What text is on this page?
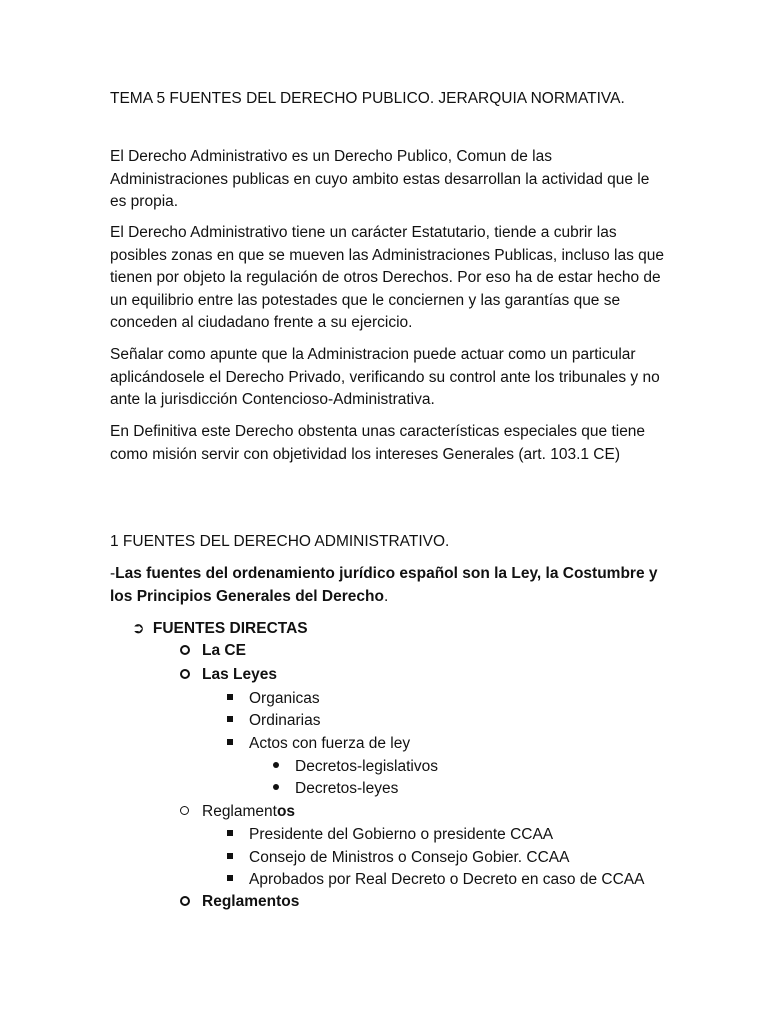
TEMA 5 FUENTES DEL DERECHO PUBLICO. JERARQUIA NORMATIVA.

El Derecho Administrativo es un Derecho Publico, Comun de las Administraciones publicas en cuyo ambito estas desarrollan la actividad que le es propia.

El Derecho Administrativo tiene un carácter Estatutario, tiende a cubrir las posibles zonas en que se mueven las Administraciones Publicas, incluso las que tienen por objeto la regulación de otros Derechos. Por eso ha de estar hecho de un equilibrio entre las potestades que le conciernen y las garantías que se conceden al ciudadano frente a su ejercicio.

Señalar como apunte que la Administracion puede actuar como un particular aplicándosele el Derecho Privado, verificando su control ante los tribunales y no ante la jurisdicción Contencioso-Administrativa.

En Definitiva este Derecho obstenta unas características especiales que tiene como misión servir con objetividad los intereses Generales (art. 103.1 CE)

1 FUENTES DEL DERECHO ADMINISTRATIVO.

-Las fuentes del ordenamiento jurídico español son la Ley, la Costumbre y los Principios Generales del Derecho.

➲ FUENTES DIRECTAS
La CE
Las Leyes
Organicas
Ordinarias
Actos con fuerza de ley
Decretos-legislativos
Decretos-leyes
Reglamentos
Presidente del Gobierno o presidente CCAA
Consejo de Ministros o Consejo Gobier. CCAA
Aprobados por Real Decreto o Decreto en caso de CCAA
Reglamentos
